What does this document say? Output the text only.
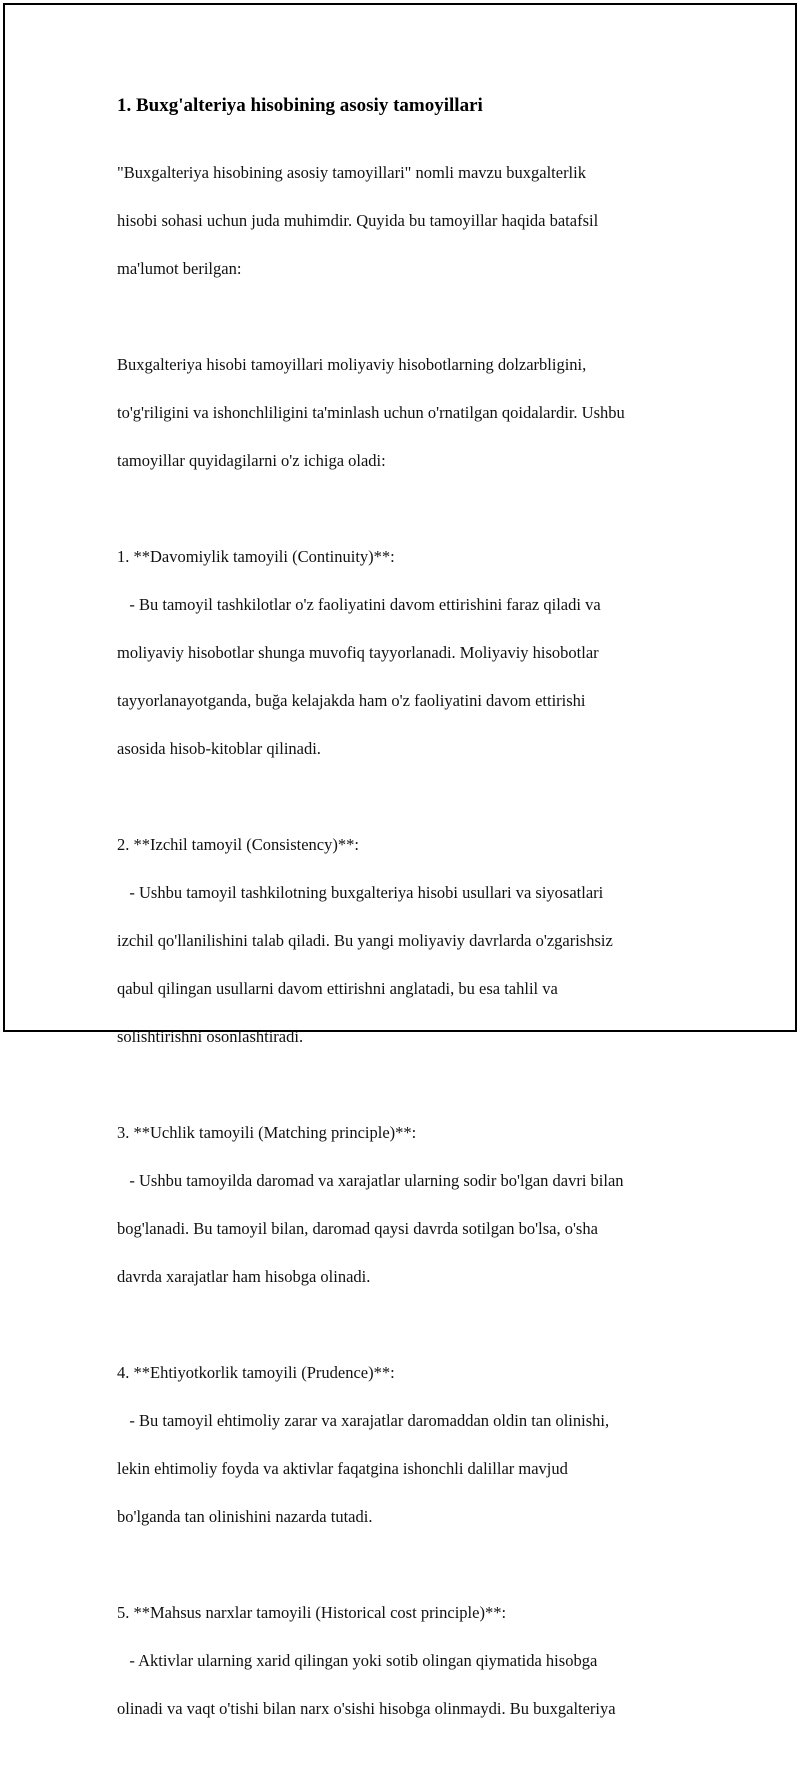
1. Buxg'alteriya hisobining asosiy tamoyillari

"Buxgalteriya hisobining asosiy tamoyillari" nomli mavzu buxgalterlik

hisobi sohasi uchun juda muhimdir. Quyida bu tamoyillar haqida batafsil

ma'lumot berilgan:

Buxgalteriya hisobi tamoyillari moliyaviy hisobotlarning dolzarbligini,

to'g'riligini va ishonchliligini ta'minlash uchun o'rnatilgan qoidalardir. Ushbu

tamoyillar quyidagilarni o'z ichiga oladi:

1. **Davomiylik tamoyili (Continuity)**:

- Bu tamoyil tashkilotlar o'z faoliyatini davom ettirishini faraz qiladi va

moliyaviy hisobotlar shunga muvofiq tayyorlanadi. Moliyaviy hisobotlar

tayyorlanayotganda, buğa kelajakda ham o'z faoliyatini davom ettirishi

asosida hisob-kitoblar qilinadi.

2. **Izchil tamoyil (Consistency)**:

- Ushbu tamoyil tashkilotning buxgalteriya hisobi usullari va siyosatlari

izchil qo'llanilishini talab qiladi. Bu yangi moliyaviy davrlarda o'zgarishsiz

qabul qilingan usullarni davom ettirishni anglatadi, bu esa tahlil va

solishtirishni osonlashtiradi.

3. **Uchlik tamoyili (Matching principle)**:

- Ushbu tamoyilda daromad va xarajatlar ularning sodir bo'lgan davri bilan

bog'lanadi. Bu tamoyil bilan, daromad qaysi davrda sotilgan bo'lsa, o'sha

davrda xarajatlar ham hisobga olinadi.

4. **Ehtiyotkorlik tamoyili (Prudence)**:

- Bu tamoyil ehtimoliy zarar va xarajatlar daromaddan oldin tan olinishi,

lekin ehtimoliy foyda va aktivlar faqatgina ishonchli dalillar mavjud

bo'lganda tan olinishini nazarda tutadi.

5. **Mahsus narxlar tamoyili (Historical cost principle)**:

- Aktivlar ularning xarid qilingan yoki sotib olingan qiymatida hisobga

olinadi va vaqt o'tishi bilan narx o'sishi hisobga olinmaydi. Bu buxgalteriya
